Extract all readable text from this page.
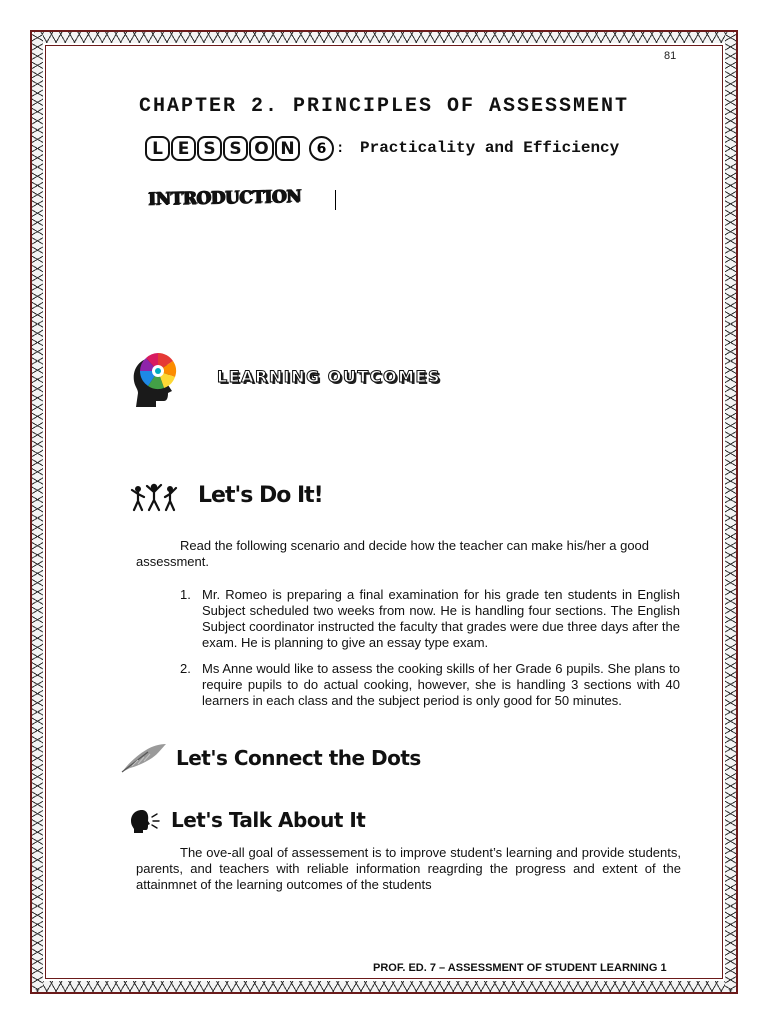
81
CHAPTER 2. PRINCIPLES OF ASSESSMENT
L E S S O N	6 : Practicality and Efficiency
INTRODUCTION
LEARNING OUTCOMES
Let's Do It!
Read the following scenario and decide how the teacher can make his/her a good assessment.
1. Mr. Romeo is preparing a final examination for his grade ten students in English Subject scheduled two weeks from now. He is handling four sections. The English Subject coordinator instructed the faculty that grades were due three days after the exam. He is planning to give an essay type exam.
2. Ms Anne would like to assess the cooking skills of her Grade 6 pupils. She plans to require pupils to do actual cooking, however, she is handling 3 sections with 40 learners in each class and the subject period is only good for 50 minutes.
Let's Connect the Dots
Let's Talk About It
The ove-all goal of assessement is to improve student’s learning and provide students, parents, and teachers with reliable information reagrding the progress and extent of the attainmnet of the learning outcomes of the students
PROF. ED. 7 – ASSESSMENT OF STUDENT LEARNING 1
